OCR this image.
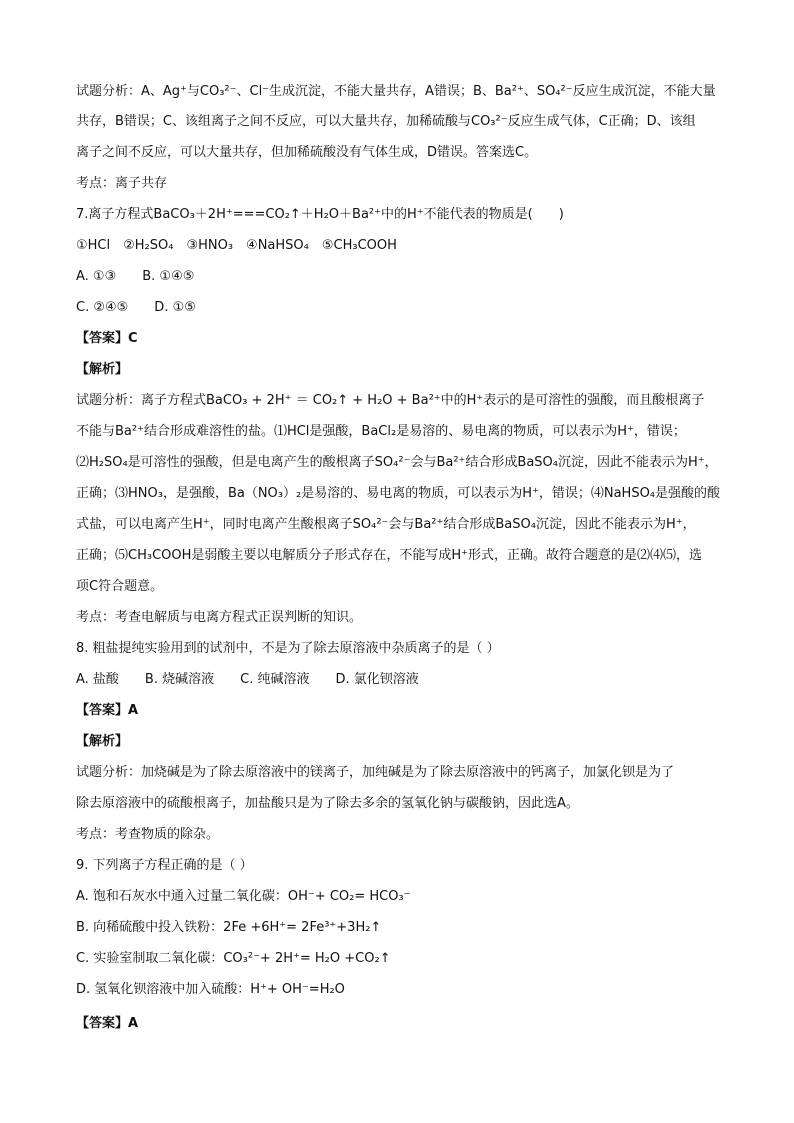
试题分析：A、Ag⁺与CO₃²⁻、Cl⁻生成沉淀，不能大量共存，A错误；B、Ba²⁺、SO₄²⁻反应生成沉淀，不能大量
共存，B错误；C、该组离子之间不反应，可以大量共存，加稀硫酸与CO₃²⁻反应生成气体，C正确；D、该组
离子之间不反应，可以大量共存，但加稀硫酸没有气体生成，D错误。答案选C。
考点：离子共存
7.离子方程式BaCO₃＋2H⁺===CO₂↑＋H₂O＋Ba²⁺中的H⁺不能代表的物质是(　　)
①HCl　②H₂SO₄　③HNO₃　④NaHSO₄　⑤CH₃COOH
A. ①③　　B. ①④⑤
C. ②④⑤　　D. ①⑤
【答案】C
【解析】
试题分析：离子方程式BaCO₃ + 2H⁺ ＝ CO₂↑ + H₂O + Ba²⁺中的H⁺表示的是可溶性的强酸，而且酸根离子
不能与Ba²⁺结合形成难溶性的盐。⑴HCl是强酸，BaCl₂是易溶的、易电离的物质，可以表示为H⁺，错误；
⑵H₂SO₄是可溶性的强酸，但是电离产生的酸根离子SO₄²⁻会与Ba²⁺结合形成BaSO₄沉淀，因此不能表示为H⁺，
正确；⑶HNO₃，是强酸，Ba（NO₃）₂是易溶的、易电离的物质，可以表示为H⁺，错误；⑷NaHSO₄是强酸的酸
式盐，可以电离产生H⁺，同时电离产生酸根离子SO₄²⁻会与Ba²⁺结合形成BaSO₄沉淀，因此不能表示为H⁺，
正确；⑸CH₃COOH是弱酸主要以电解质分子形式存在，不能写成H⁺形式，正确。故符合题意的是⑵⑷⑸，选
项C符合题意。
考点：考查电解质与电离方程式正误判断的知识。
8. 粗盐提纯实验用到的试剂中，不是为了除去原溶液中杂质离子的是（ ）
A. 盐酸　　B. 烧碱溶液　　C. 纯碱溶液　　D. 氯化钡溶液
【答案】A
【解析】
试题分析：加烧碱是为了除去原溶液中的镁离子，加纯碱是为了除去原溶液中的钙离子，加氯化钡是为了
除去原溶液中的硫酸根离子，加盐酸只是为了除去多余的氢氧化钠与碳酸钠，因此选A。
考点：考查物质的除杂。
9. 下列离子方程正确的是（ ）
A. 饱和石灰水中通入过量二氧化碳：OH⁻+ CO₂= HCO₃⁻
B. 向稀硫酸中投入铁粉：2Fe +6H⁺= 2Fe³⁺+3H₂↑
C. 实验室制取二氧化碳：CO₃²⁻+ 2H⁺= H₂O +CO₂↑
D. 氢氧化钡溶液中加入硫酸：H⁺+ OH⁻=H₂O
【答案】A
